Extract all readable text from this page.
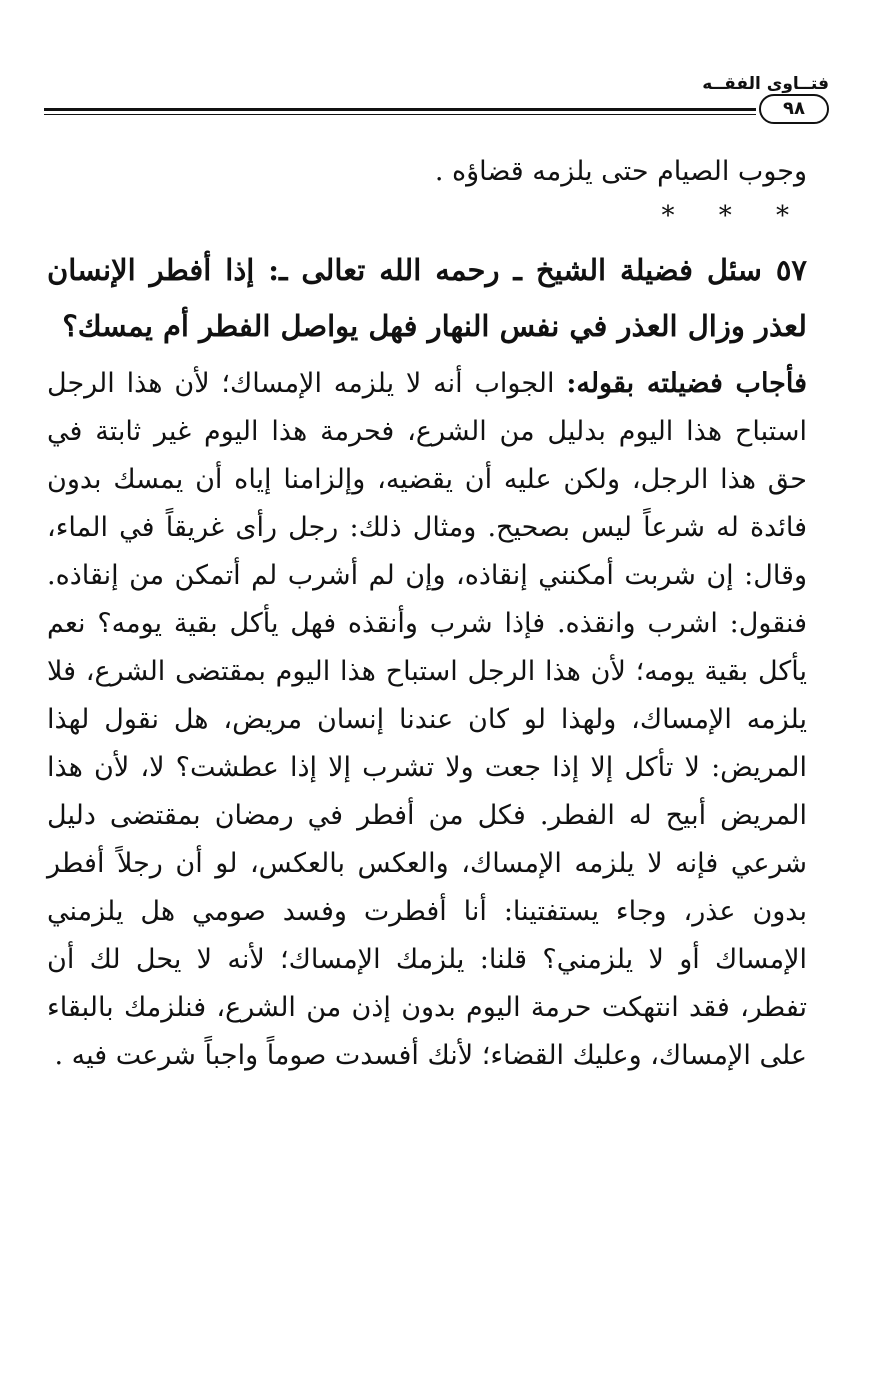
فتــاوى الفقــه
٩٨

وجوب الصيام حتى يلزمه قضاؤه .

* * *

٥٧ سئل فضيلة الشيخ ـ رحمه الله تعالى ـ: إذا أفطر الإنسان لعذر وزال العذر في نفس النهار فهل يواصل الفطر أم يمسك؟

فأجاب فضيلته بقوله: الجواب أنه لا يلزمه الإمساك؛ لأن هذا الرجل استباح هذا اليوم بدليل من الشرع، فحرمة هذا اليوم غير ثابتة في حق هذا الرجل، ولكن عليه أن يقضيه، وإلزامنا إياه أن يمسك بدون فائدة له شرعاً ليس بصحيح. ومثال ذلك: رجل رأى غريقاً في الماء، وقال: إن شربت أمكنني إنقاذه، وإن لم أشرب لم أتمكن من إنقاذه. فنقول: اشرب وانقذه. فإذا شرب وأنقذه فهل يأكل بقية يومه؟ نعم يأكل بقية يومه؛ لأن هذا الرجل استباح هذا اليوم بمقتضى الشرع، فلا يلزمه الإمساك، ولهذا لو كان عندنا إنسان مريض، هل نقول لهذا المريض: لا تأكل إلا إذا جعت ولا تشرب إلا إذا عطشت؟ لا، لأن هذا المريض أبيح له الفطر. فكل من أفطر في رمضان بمقتضى دليل شرعي فإنه لا يلزمه الإمساك، والعكس بالعكس، لو أن رجلاً أفطر بدون عذر، وجاء يستفتينا: أنا أفطرت وفسد صومي هل يلزمني الإمساك أو لا يلزمني؟ قلنا: يلزمك الإمساك؛ لأنه لا يحل لك أن تفطر، فقد انتهكت حرمة اليوم بدون إذن من الشرع، فنلزمك بالبقاء على الإمساك، وعليك القضاء؛ لأنك أفسدت صوماً واجباً شرعت فيه .
